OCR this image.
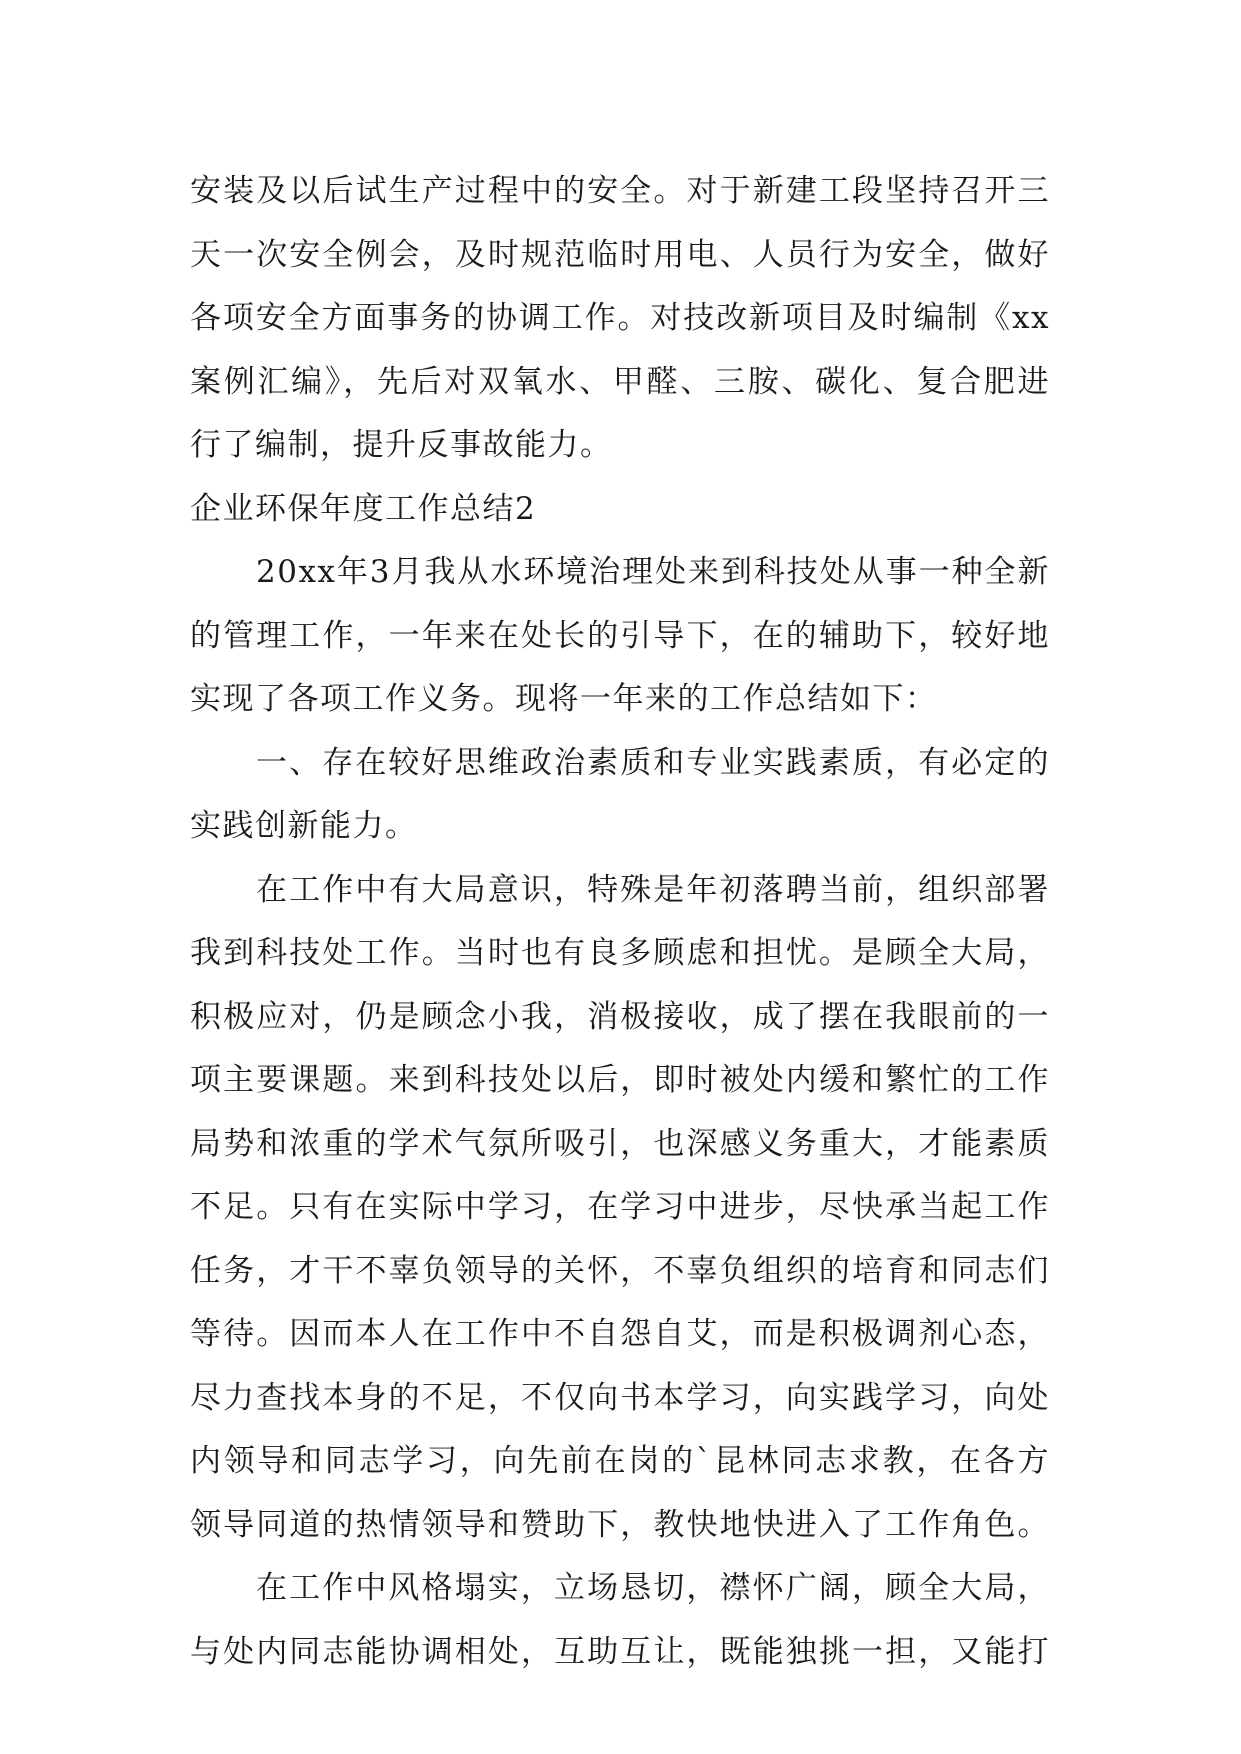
安装及以后试生产过程中的安全。对于新建工段坚持召开三
天一次安全例会，及时规范临时用电、人员行为安全，做好
各项安全方面事务的协调工作。对技改新项目及时编制《xx
案例汇编》，先后对双氧水、甲醛、三胺、碳化、复合肥进
行了编制，提升反事故能力。
企业环保年度工作总结2
20xx年3月我从水环境治理处来到科技处从事一种全新
的管理工作，一年来在处长的引导下，在的辅助下，较好地
实现了各项工作义务。现将一年来的工作总结如下：
一、存在较好思维政治素质和专业实践素质，有必定的
实践创新能力。
在工作中有大局意识，特殊是年初落聘当前，组织部署
我到科技处工作。当时也有良多顾虑和担忧。是顾全大局，
积极应对，仍是顾念小我，消极接收，成了摆在我眼前的一
项主要课题。来到科技处以后，即时被处内缓和繁忙的工作
局势和浓重的学术气氛所吸引，也深感义务重大，才能素质
不足。只有在实际中学习，在学习中进步，尽快承当起工作
任务，才干不辜负领导的关怀，不辜负组织的培育和同志们
等待。因而本人在工作中不自怨自艾，而是积极调剂心态，
尽力查找本身的不足，不仅向书本学习，向实践学习，向处
内领导和同志学习，向先前在岗的`昆林同志求教，在各方
领导同道的热情领导和赞助下，教快地快进入了工作角色。
在工作中风格塌实，立场恳切，襟怀广阔，顾全大局，
与处内同志能协调相处，互助互让，既能独挑一担，又能打
